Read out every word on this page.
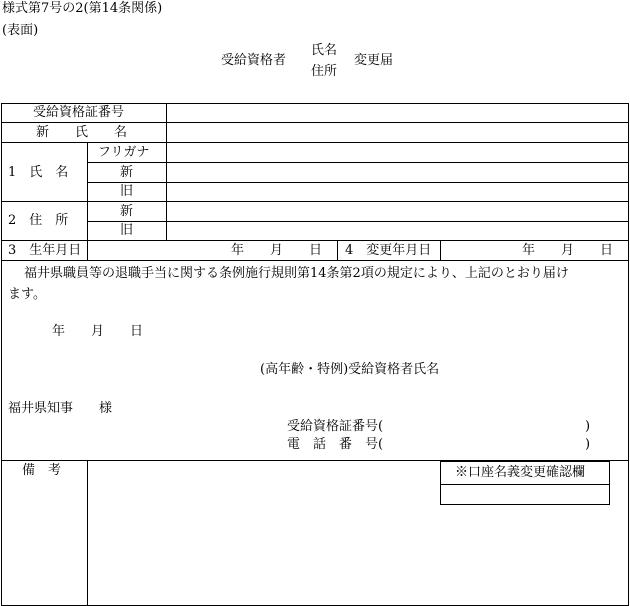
様式第7号の2(第14条関係)
(表面)
受給資格者
氏名
住所
変更届
受給資格証番号
新　　氏　　名
1　氏　名
フリガナ
新
旧
2　住　所
新
旧
3　生年月日	年　　月　　日 4　変更年月日	年　　月　　日
福井県職員等の退職手当に関する条例施行規則第14条第2項の規定により、上記のとおり届け
ます。
年　　月　　日
(高年齢・特例)受給資格者氏名
福井県知事　　様
受給資格証番号(	)
電　話　番　号(	)
備　考	※口座名義変更確認欄
